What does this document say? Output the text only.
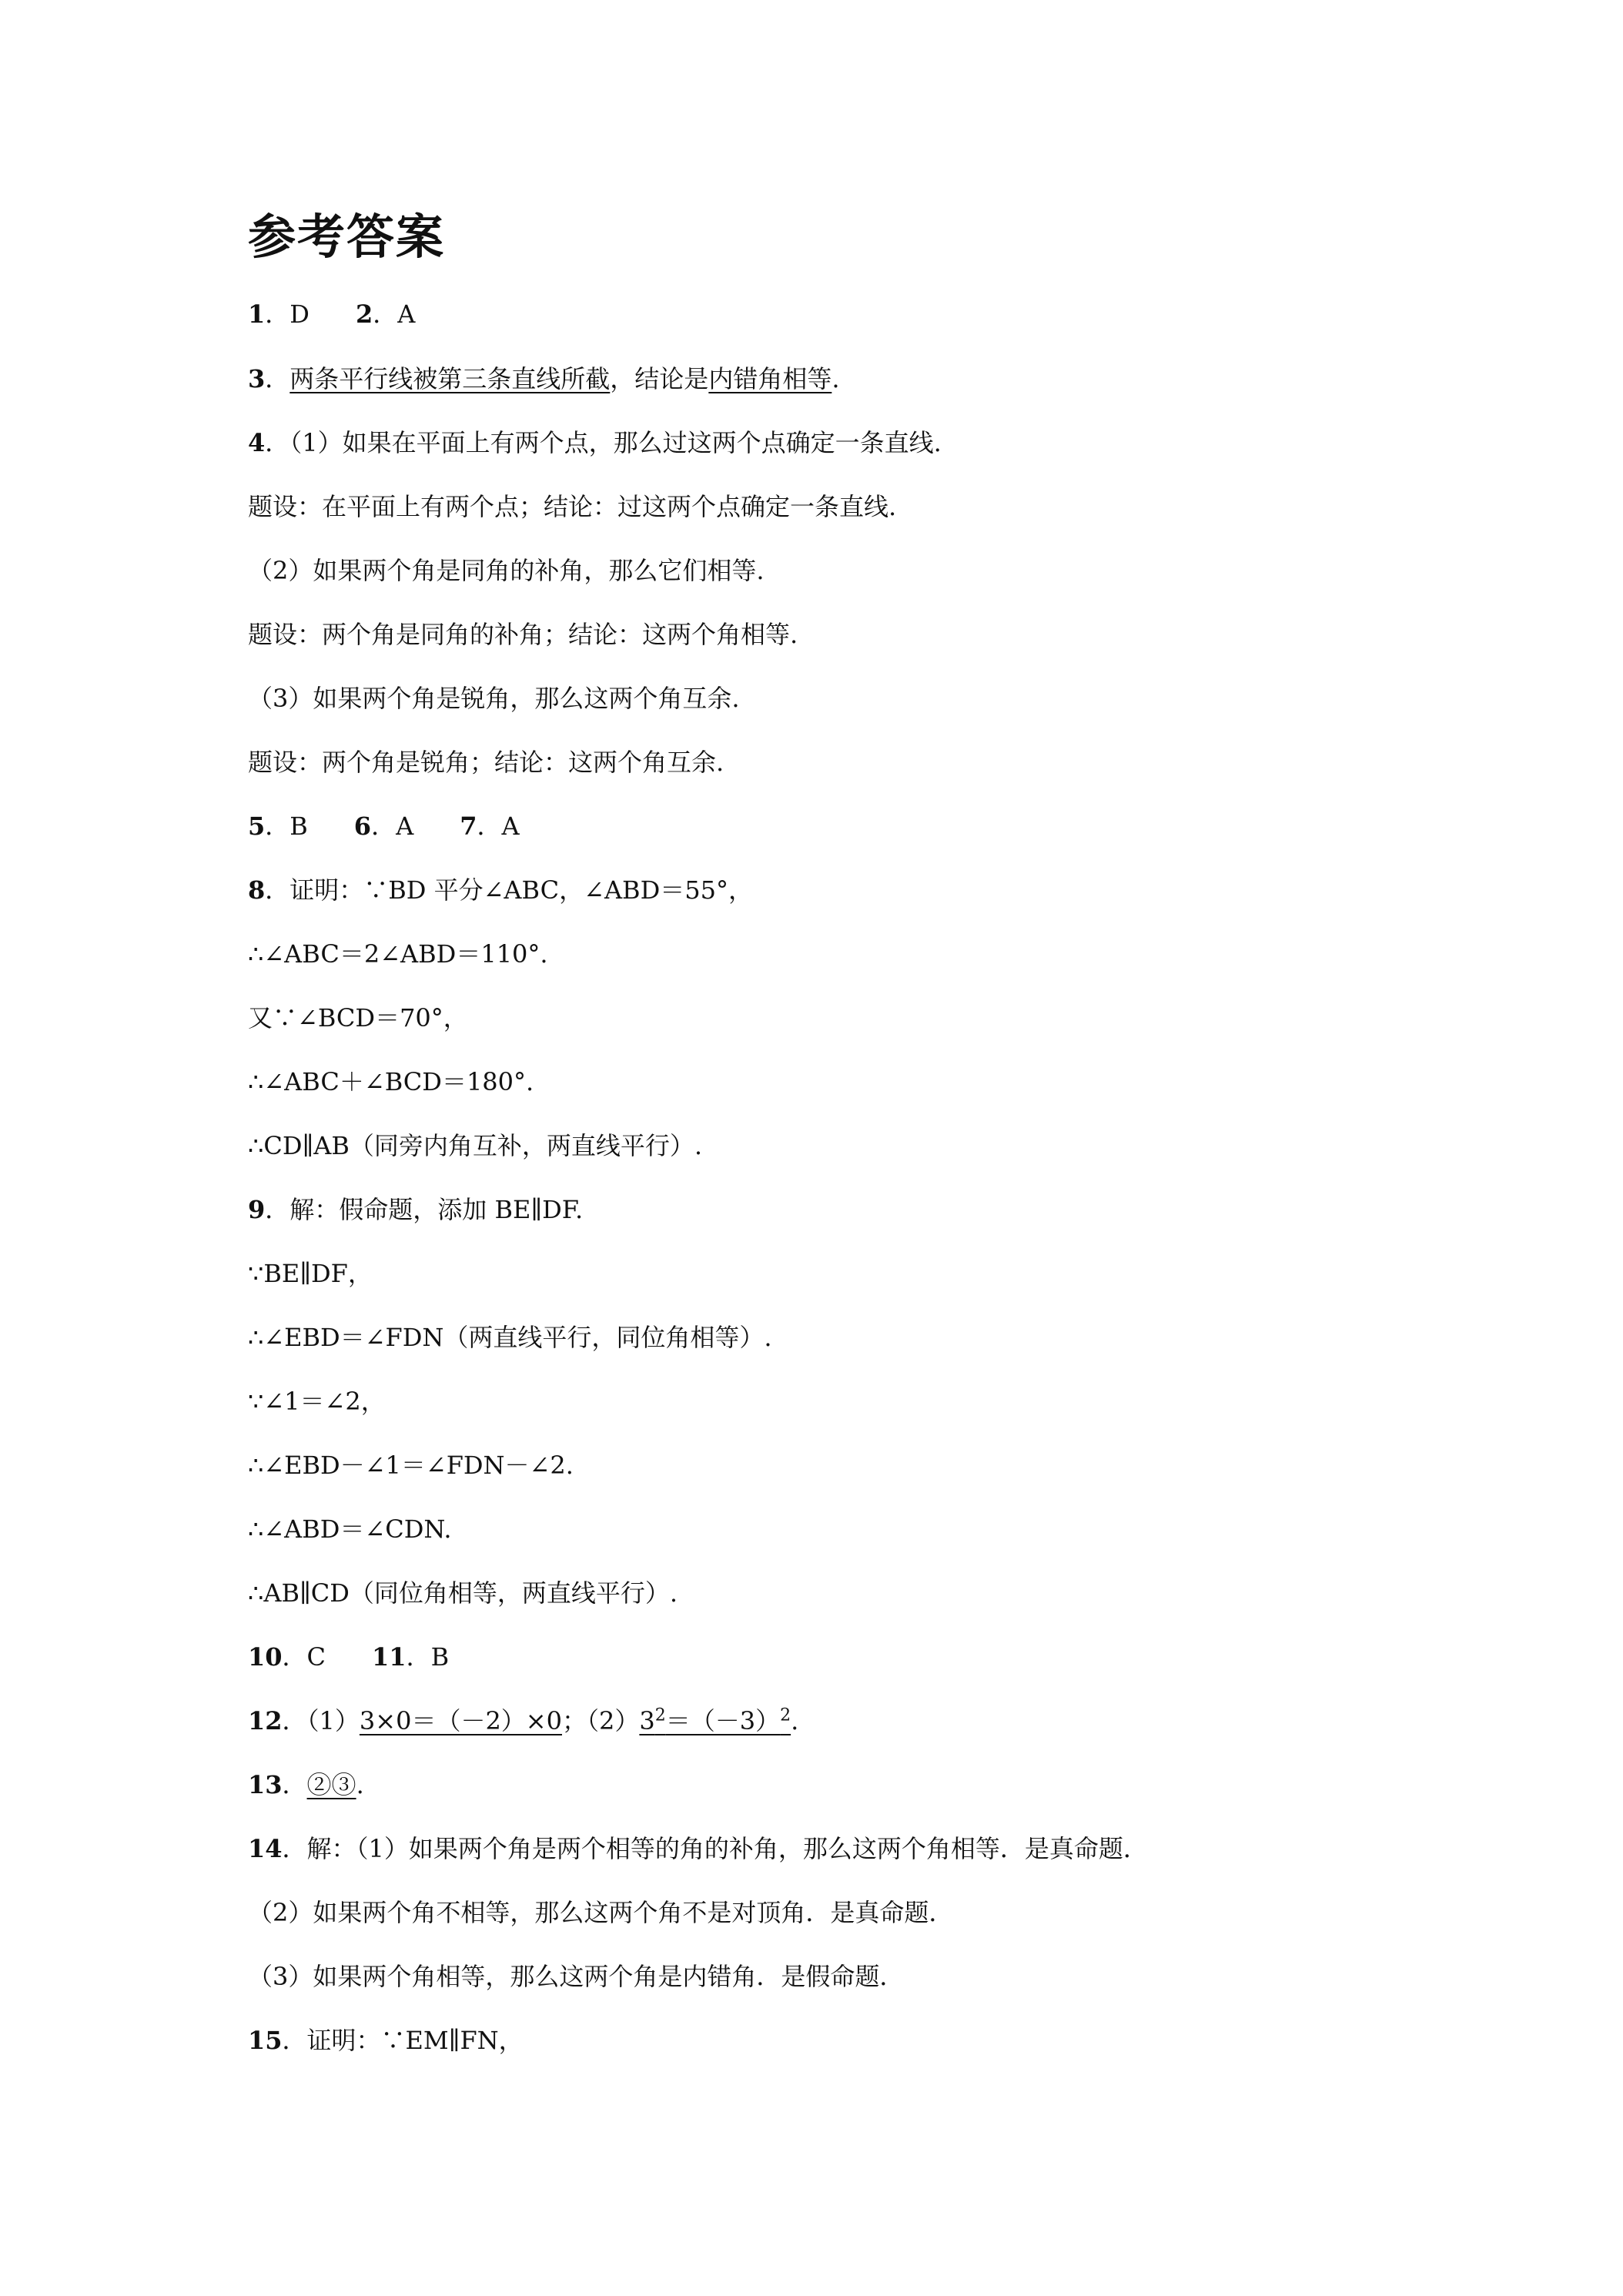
参考答案
1．D 2．A
3．两条平行线被第三条直线所截，结论是内错角相等.
4．（1）如果在平面上有两个点，那么过这两个点确定一条直线.
题设：在平面上有两个点；结论：过这两个点确定一条直线.
（2）如果两个角是同角的补角，那么它们相等.
题设：两个角是同角的补角；结论：这两个角相等.
（3）如果两个角是锐角，那么这两个角互余.
题设：两个角是锐角；结论：这两个角互余.
5．B 6．A 7．A
8．证明：∵BD 平分∠ABC，∠ABD＝55°，
∴∠ABC＝2∠ABD＝110°.
又∵∠BCD＝70°，
∴∠ABC＋∠BCD＝180°.
∴CD∥AB（同旁内角互补，两直线平行）.
9．解：假命题，添加 BE∥DF.
∵BE∥DF，
∴∠EBD＝∠FDN（两直线平行，同位角相等）.
∵∠1＝∠2，
∴∠EBD－∠1＝∠FDN－∠2.
∴∠ABD＝∠CDN.
∴AB∥CD（同位角相等，两直线平行）.
10．C 11．B
12．（1）3×0＝（－2）×0；$(2)3^2=(-3)^2$.
13．②③.
14．解：（1）如果两个角是两个相等的角的补角，那么这两个角相等．是真命题．
（2）如果两个角不相等，那么这两个角不是对顶角．是真命题．
（3）如果两个角相等，那么这两个角是内错角．是假命题．
15．证明：∵EM∥FN，
